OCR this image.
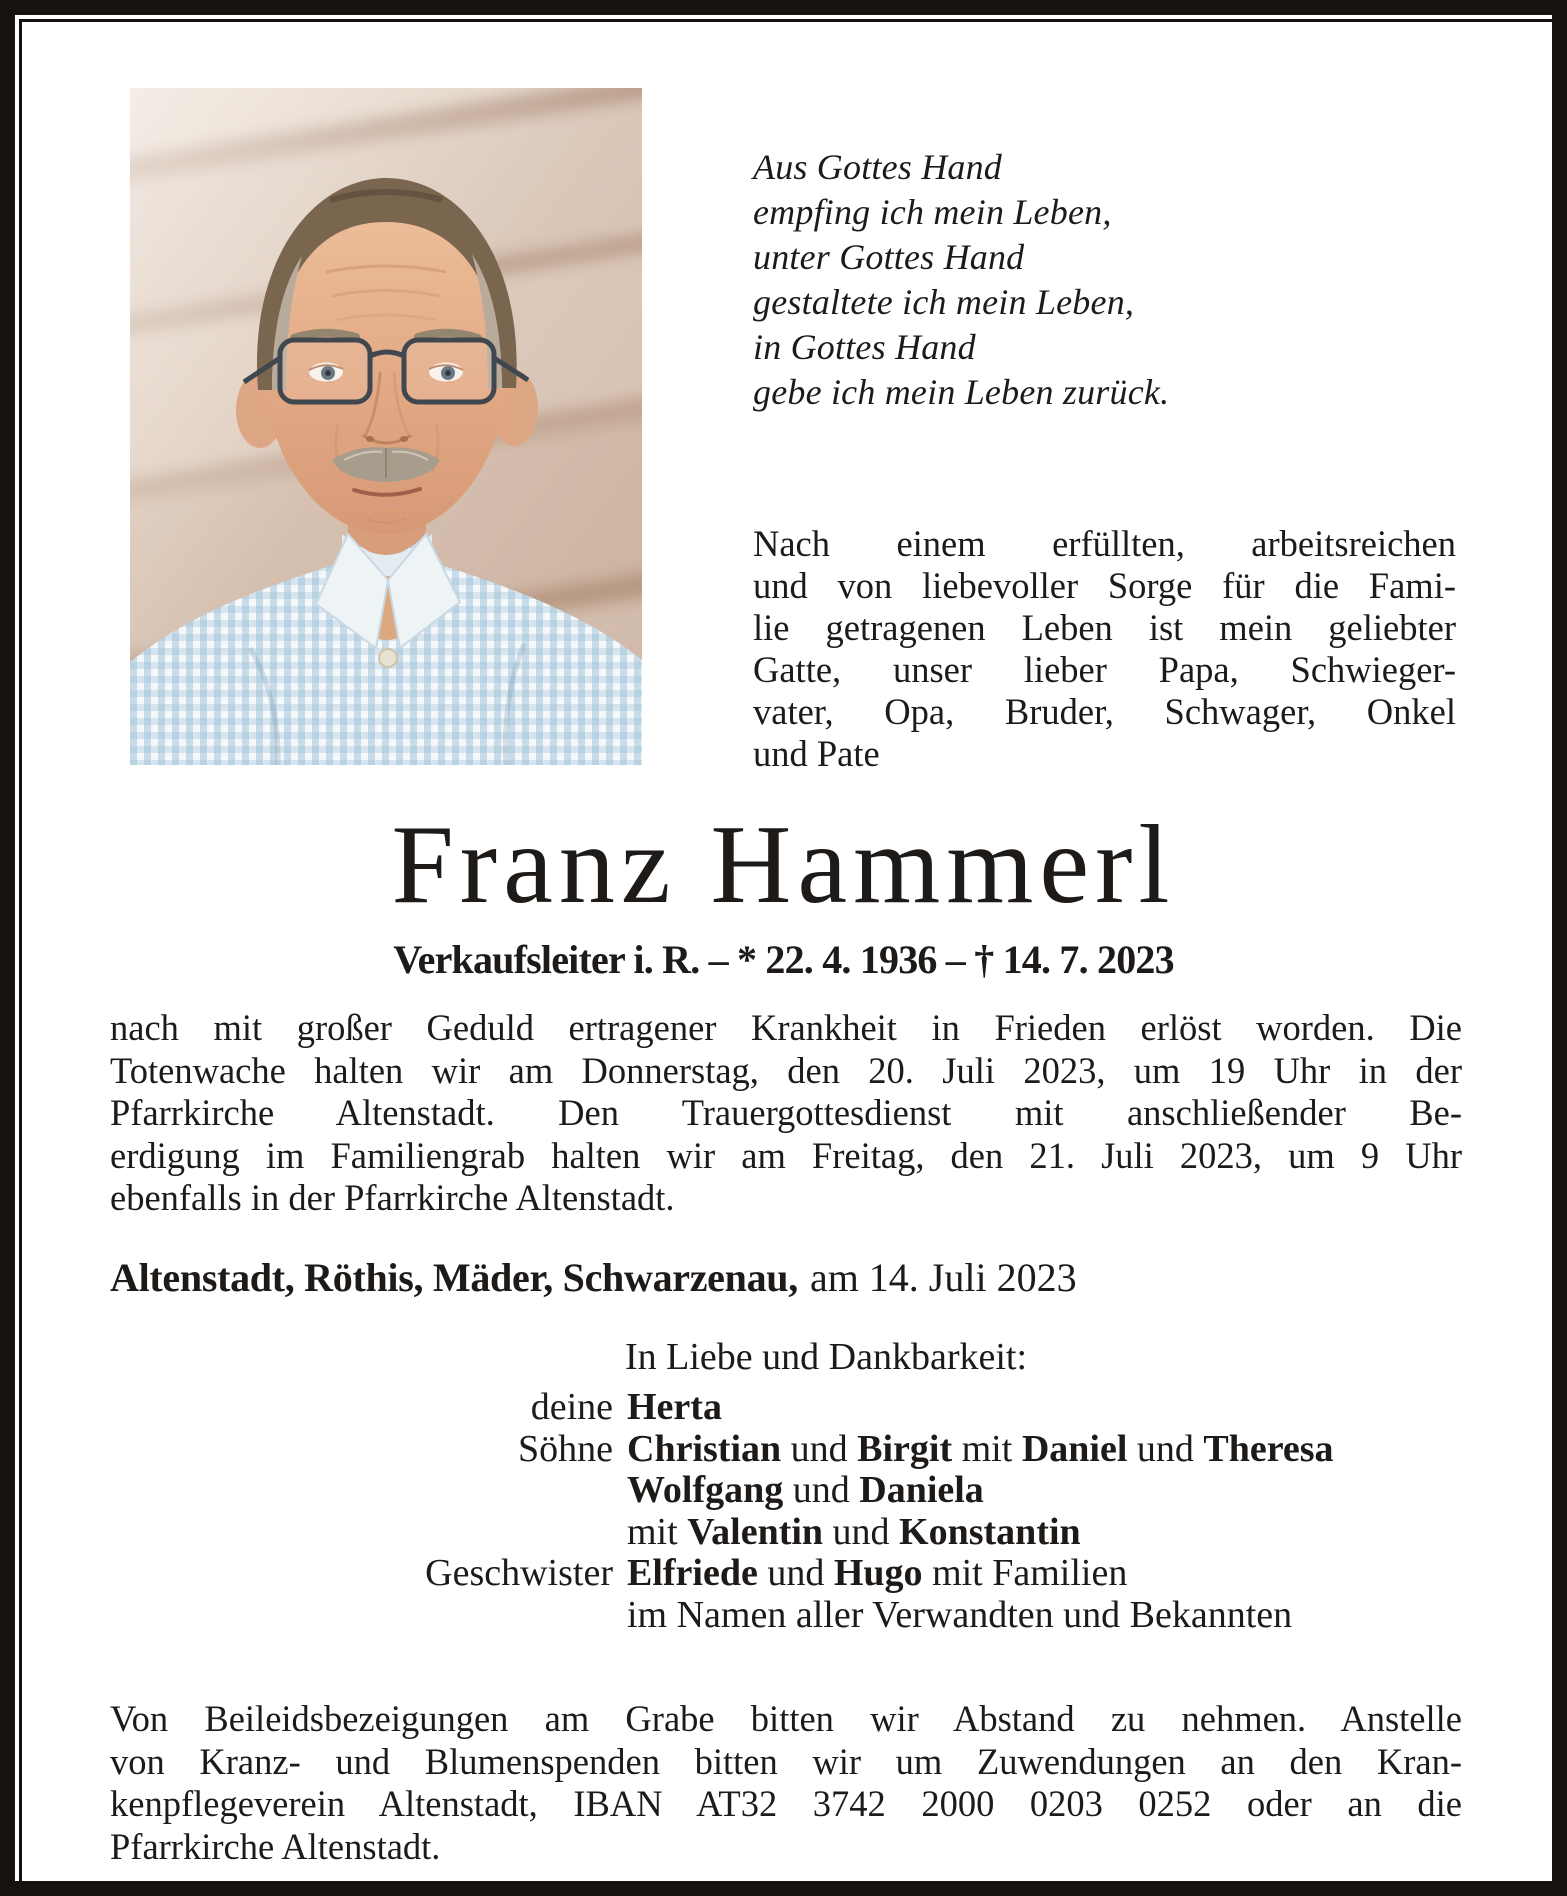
Aus Gottes Hand
empfing ich mein Leben,
unter Gottes Hand
gestaltete ich mein Leben,
in Gottes Hand
gebe ich mein Leben zurück.
Nach einem erfüllten, arbeitsreichen
und von liebevoller Sorge für die Fami-
lie getragenen Leben ist mein geliebter
Gatte, unser lieber Papa, Schwieger-
vater, Opa, Bruder, Schwager, Onkel
und Pate
Franz Hammerl
Verkaufsleiter i. R. – * 22. 4. 1936 – † 14. 7. 2023
nach mit großer Geduld ertragener Krankheit in Frieden erlöst worden. Die
Totenwache halten wir am Donnerstag, den 20. Juli 2023, um 19 Uhr in der
Pfarrkirche Altenstadt. Den Trauergottesdienst mit anschließender Be-
erdigung im Familiengrab halten wir am Freitag, den 21. Juli 2023, um 9 Uhr
ebenfalls in der Pfarrkirche Altenstadt.
Altenstadt, Röthis, Mäder, Schwarzenau, am 14. Juli 2023
In Liebe und Dankbarkeit:
deine Herta
Söhne Christian und Birgit mit Daniel und Theresa
Wolfgang und Daniela
mit Valentin und Konstantin
Geschwister Elfriede und Hugo mit Familien
im Namen aller Verwandten und Bekannten
Von Beileidsbezeigungen am Grabe bitten wir Abstand zu nehmen. Anstelle
von Kranz- und Blumenspenden bitten wir um Zuwendungen an den Kran-
kenpflegeverein Altenstadt, IBAN AT32 3742 2000 0203 0252 oder an die
Pfarrkirche Altenstadt.
